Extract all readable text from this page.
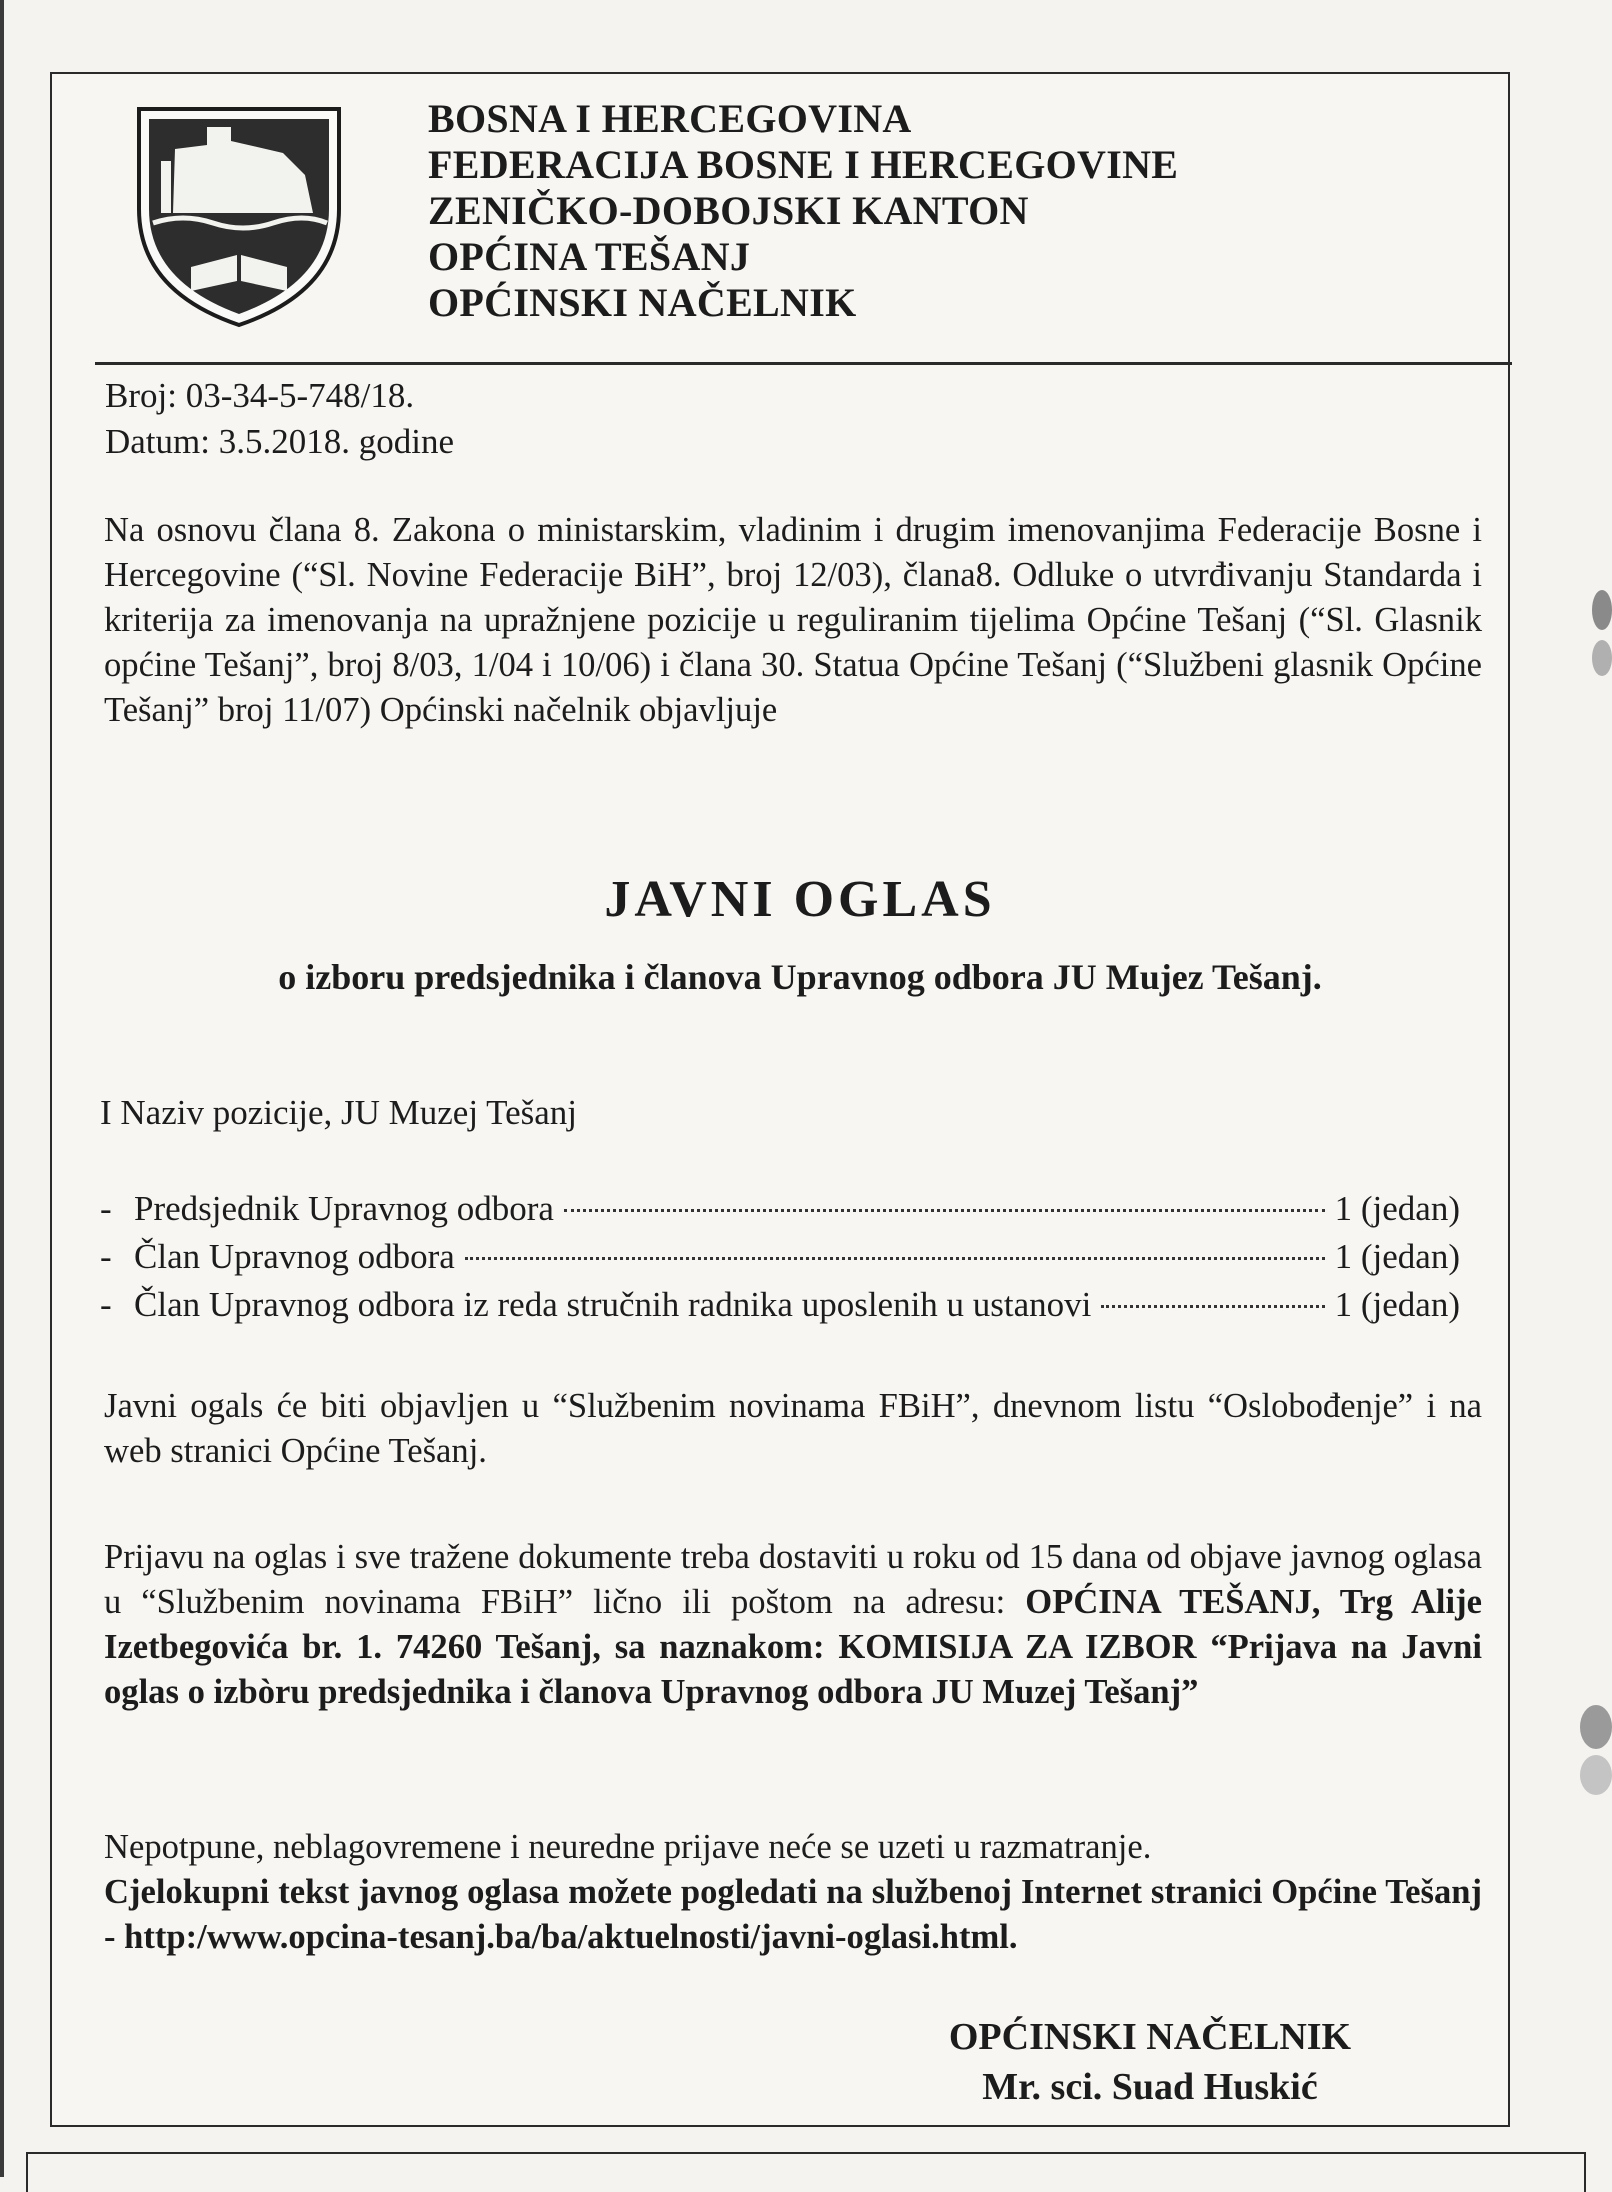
BOSNA I HERCEGOVINA
FEDERACIJA BOSNE I HERCEGOVINE
ZENIČKO-DOBOJSKI KANTON
OPĆINA TEŠANJ
OPĆINSKI NAČELNIK
Broj: 03-34-5-748/18.
Datum: 3.5.2018. godine
Na osnovu člana 8. Zakona o ministarskim, vladinim i drugim imenovanjima Federacije Bosne i Hercegovine (“Sl. Novine Federacije BiH”, broj 12/03), člana8. Odluke o utvrđivanju Standarda i kriterija za imenovanja na upražnjene pozicije u reguliranim tijelima Općine Tešanj (“Sl. Glasnik općine Tešanj”, broj 8/03, 1/04 i 10/06) i člana 30. Statua Općine Tešanj (“Službeni glasnik Općine Tešanj” broj 11/07) Općinski načelnik objavljuje
JAVNI OGLAS
o izboru predsjednika i članova Upravnog odbora JU Mujez Tešanj.
I Naziv pozicije, JU Muzej Tešanj
- Predsjednik Upravnog odbora	1 (jedan)
- Član Upravnog odbora	1 (jedan)
- Član Upravnog odbora iz reda stručnih radnika uposlenih u ustanovi	1 (jedan)
Javni ogals će biti objavljen u “Službenim novinama FBiH”, dnevnom listu “Oslobođenje” i na web stranici Općine Tešanj.
Prijavu na oglas i sve tražene dokumente treba dostaviti u roku od 15 dana od objave javnog oglasa u “Službenim novinama FBiH” lično ili poštom na adresu: OPĆINA TEŠANJ, Trg Alije Izetbegovića br. 1. 74260 Tešanj, sa naznakom: KOMISIJA ZA IZBOR “Prijava na Javni oglas o izbòru predsjednika i članova Upravnog odbora JU Muzej Tešanj”
Nepotpune, neblagovremene i neuredne prijave neće se uzeti u razmatranje.
Cjelokupni tekst javnog oglasa možete pogledati na službenoj Internet stranici Općine Tešanj - http:/www.opcina-tesanj.ba/ba/aktuelnosti/javni-oglasi.html.
OPĆINSKI NAČELNIK
Mr. sci. Suad Huskić
